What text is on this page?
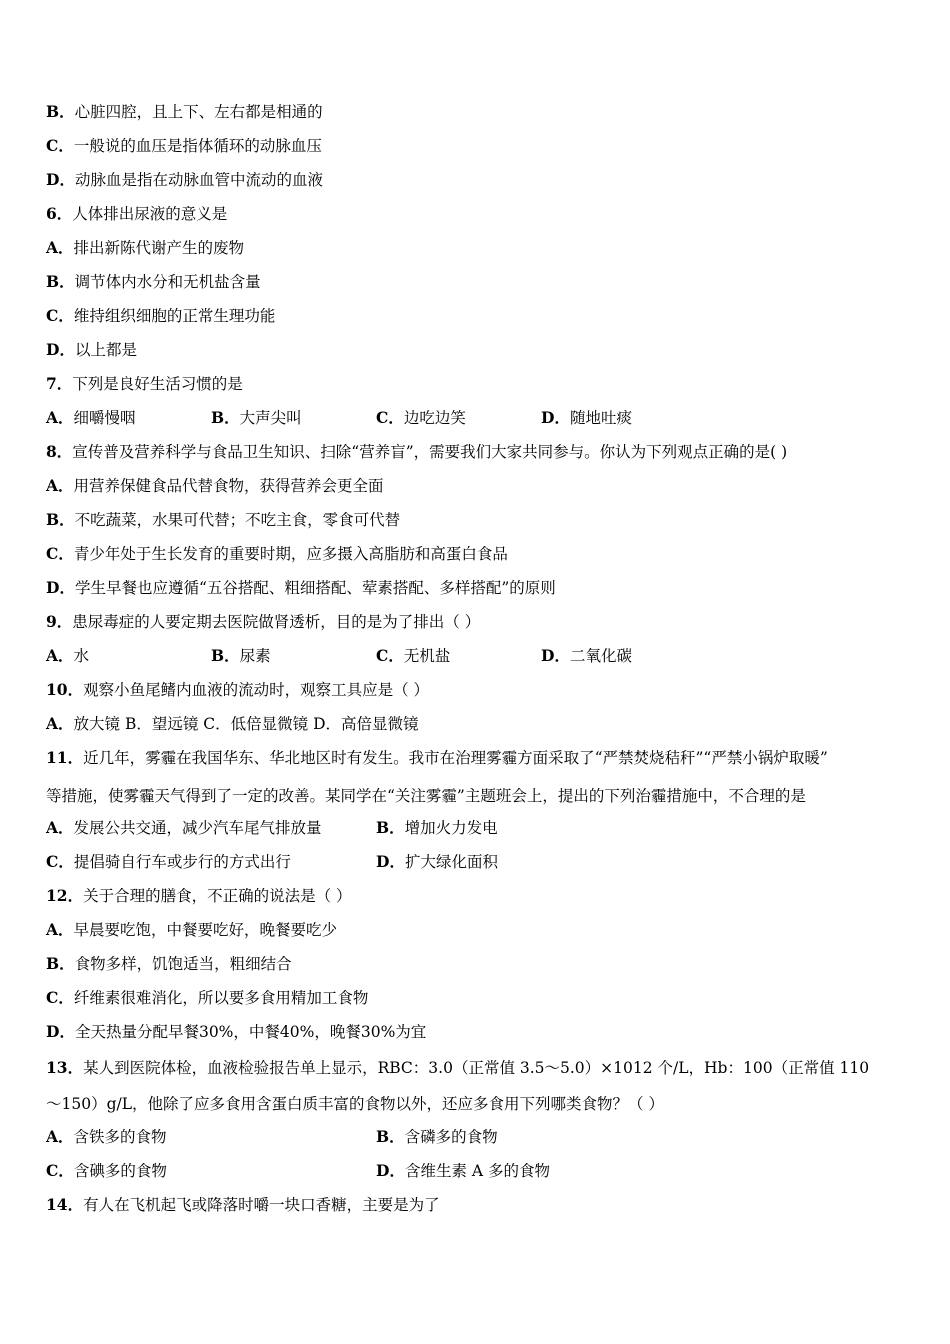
B．心脏四腔，且上下、左右都是相通的
C．一般说的血压是指体循环的动脉血压
D．动脉血是指在动脉血管中流动的血液
6．人体排出尿液的意义是
A．排出新陈代谢产生的废物
B．调节体内水分和无机盐含量
C．维持组织细胞的正常生理功能
D．以上都是
7．下列是良好生活习惯的是
A．细嚼慢咽	B．大声尖叫	C．边吃边笑	D．随地吐痰
8．宣传普及营养科学与食品卫生知识、扫除“营养盲”，需要我们大家共同参与。你认为下列观点正确的是( )
A．用营养保健食品代替食物，获得营养会更全面
B．不吃蔬菜，水果可代替；不吃主食，零食可代替
C．青少年处于生长发育的重要时期，应多摄入高脂肪和高蛋白食品
D．学生早餐也应遵循“五谷搭配、粗细搭配、荤素搭配、多样搭配”的原则
9．患尿毒症的人要定期去医院做肾透析，目的是为了排出（ ）
A．水	B．尿素	C．无机盐	D．二氧化碳
10．观察小鱼尾鳍内血液的流动时，观察工具应是（ ）
A．放大镜 B．望远镜 C．低倍显微镜 D．高倍显微镜
11．近几年，雾霾在我国华东、华北地区时有发生。我市在治理雾霾方面采取了“严禁焚烧秸秆”“严禁小锅炉取暖”
等措施，使雾霾天气得到了一定的改善。某同学在“关注雾霾”主题班会上，提出的下列治霾措施中，不合理的是
A．发展公共交通，减少汽车尾气排放量	B．增加火力发电
C．提倡骑自行车或步行的方式出行	D．扩大绿化面积
12．关于合理的膳食，不正确的说法是（ ）
A．早晨要吃饱，中餐要吃好，晚餐要吃少
B．食物多样，饥饱适当，粗细结合
C．纤维素很难消化，所以要多食用精加工食物
D．全天热量分配早餐30%，中餐40%，晚餐30%为宜
13．某人到医院体检，血液检验报告单上显示，RBC：3.0（正常值 3.5～5.0）×1012 个/L，Hb：100（正常值 110
～150）g/L，他除了应多食用含蛋白质丰富的食物以外，还应多食用下列哪类食物？（ ）
A．含铁多的食物	B．含磷多的食物
C．含碘多的食物	D．含维生素 A 多的食物
14．有人在飞机起飞或降落时嚼一块口香糖，主要是为了
